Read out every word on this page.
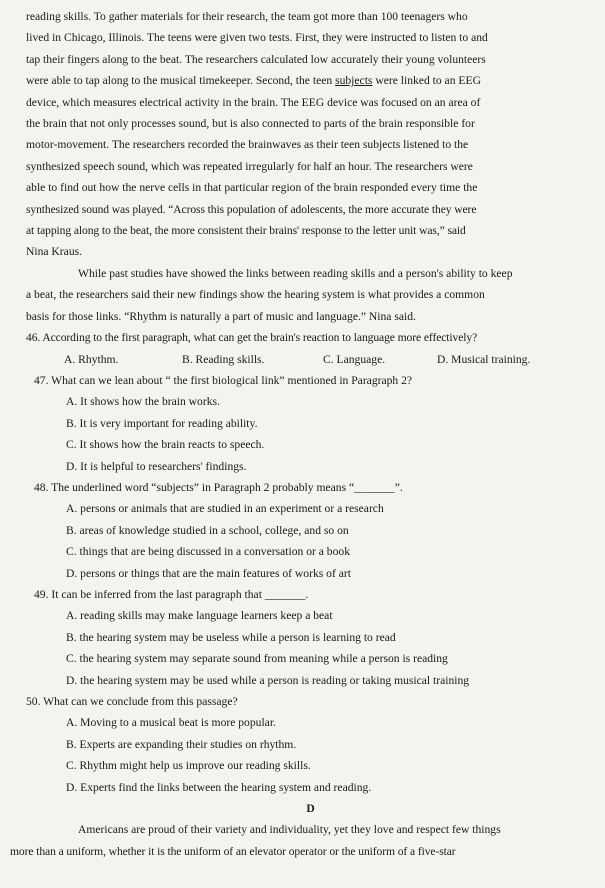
reading skills. To gather materials for their research, the team got more than 100 teenagers who
lived in Chicago, Illinois. The teens were given two tests. First, they were instructed to listen to and
tap their fingers along to the beat. The researchers calculated low accurately their young volunteers
were able to tap along to the musical timekeeper. Second, the teen subjects were linked to an EEG
device, which measures electrical activity in the brain. The EEG device was focused on an area of
the brain that not only processes sound, but is also connected to parts of the brain responsible for
motor-movement. The researchers recorded the brainwaves as their teen subjects listened to the
synthesized speech sound, which was repeated irregularly for half an hour. The researchers were
able to find out how the nerve cells in that particular region of the brain responded every time the
synthesized sound was played. “Across this population of adolescents, the more accurate they were
at tapping along to the beat, the more consistent their brains' response to the letter unit was,” said
Nina Kraus.
While past studies have showed the links between reading skills and a person's ability to keep
a beat, the researchers said their new findings show the hearing system is what provides a common
basis for those links. “Rhythm is naturally a part of music and language.” Nina said.
46. According to the first paragraph, what can get the brain's reaction to language more effectively?
A. Rhythm.	B. Reading skills.	C. Language.	D. Musical training.
47. What can we lean about “ the first biological link” mentioned in Paragraph 2?
A. It shows how the brain works.
B. It is very important for reading ability.
C. It shows how the brain reacts to speech.
D. It is helpful to researchers' findings.
48. The underlined word “subjects” in Paragraph 2 probably means “_______”.
A. persons or animals that are studied in an experiment or a research
B. areas of knowledge studied in a school, college, and so on
C. things that are being discussed in a conversation or a book
D. persons or things that are the main features of works of art
49. It can be inferred from the last paragraph that _______.
A. reading skills may make language learners keep a beat
B. the hearing system may be useless while a person is learning to read
C. the hearing system may separate sound from meaning while a person is reading
D. the hearing system may be used while a person is reading or taking musical training
50. What can we conclude from this passage?
A. Moving to a musical beat is more popular.
B. Experts are expanding their studies on rhythm.
C. Rhythm might help us improve our reading skills.
D. Experts find the links between the hearing system and reading.
D
Americans are proud of their variety and individuality, yet they love and respect few things
more than a uniform, whether it is the uniform of an elevator operator or the uniform of a five-star
